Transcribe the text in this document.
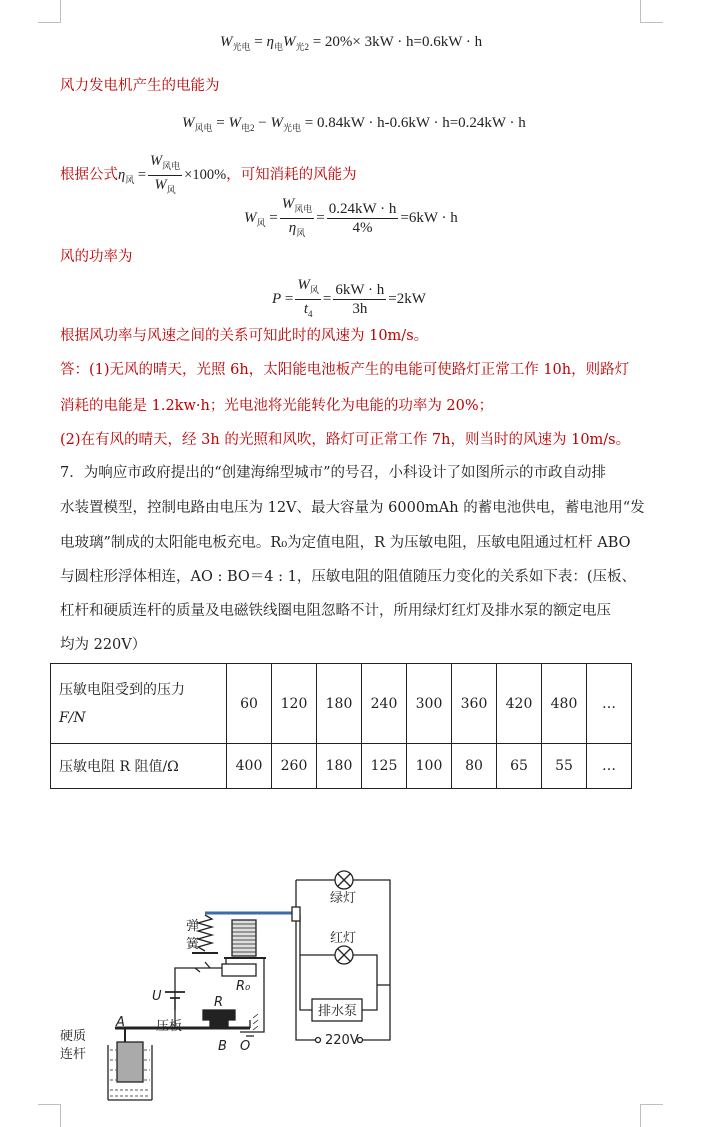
$W_{光电} = \eta_电W_{光2} = 20\%\times 3kW \cdot h=0.6kW \cdot h$
风力发电机产生的电能为
$W_{风电} = W_{电2} - W_{光电} = 0.84kW \cdot h-0.6kW \cdot h=0.24kW \cdot h$
根据公式$\eta_风 = \frac{W_{风电}}{W_风} \times 100\%$，可知消耗的风能为
$W_风 = \frac{W_{风电}}{\eta_风} = \frac{0.24kW \cdot h}{4\%} =6kW \cdot h$
风的功率为
$P = \frac{W_风}{t_4} = \frac{6kW \cdot h}{3h} =2kW$
根据风功率与风速之间的关系可知此时的风速为 10m/s。
答：(1)无风的晴天，光照 6h，太阳能电池板产生的电能可使路灯正常工作 10h，则路灯
消耗的电能是 1.2kw·h；光电池将光能转化为电能的功率为 20%；
(2)在有风的晴天，经 3h 的光照和风吹，路灯可正常工作 7h，则当时的风速为 10m/s。
7．为响应市政府提出的“创建海绵型城市”的号召，小科设计了如图所示的市政自动排
水装置模型，控制电路由电压为 12V、最大容量为 6000mAh 的蓄电池供电，蓄电池用“发
电玻璃”制成的太阳能电板充电。R₀为定值电阻，R 为压敏电阻，压敏电阻通过杠杆 ABO
与圆柱形浮体相连，AO : BO＝4 : 1，压敏电阻的阻值随压力变化的关系如下表：(压板、
杠杆和硬质连杆的质量及电磁铁线圈电阻忽略不计，所用绿灯红灯及排水泵的额定电压
均为 220V）
压敏电阻受到的压力
F/N	60	120	180	240	300	360	420	480	…
压敏电阻 R 阻值/Ω	400	260	180	125	100	80	65	55	…
弹
簧
绿灯
红灯
排水泵
220V
R₀
R
U
压板
硬质
连杆
A
B O
